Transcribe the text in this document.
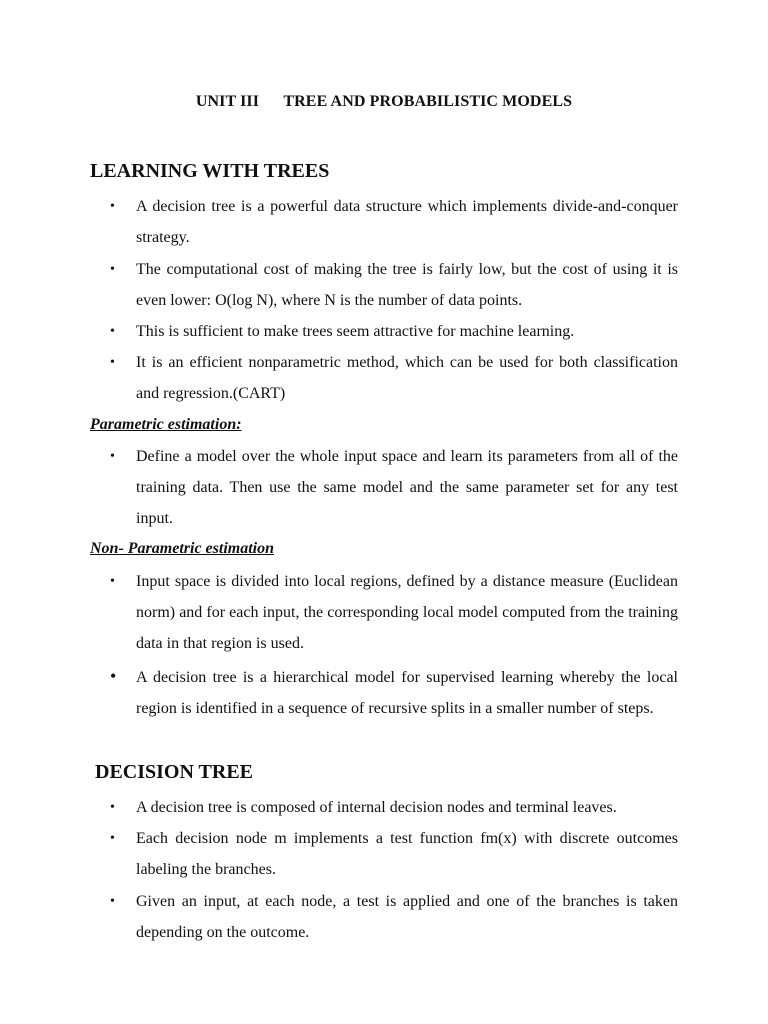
UNIT III      TREE AND PROBABILISTIC MODELS
LEARNING WITH TREES
•	A decision tree is a powerful data structure which implements divide-and-conquer strategy.
•	The computational cost of making the tree is fairly low, but the cost of using it is even lower: O(log N), where N is the number of data points.
•	This is sufficient to make trees seem attractive for machine learning.
•	It is an efficient nonparametric method, which can be used for both classification and regression.(CART)
Parametric estimation:
•	Define a model over the whole input space and learn its parameters from all of the training data. Then use the same model and the same parameter set for any test input.
Non- Parametric estimation
•	Input space is divided into local regions, defined by a distance measure (Euclidean norm) and for each input, the corresponding local model computed from the training data in that region is used.
•	A decision tree is a hierarchical model for supervised learning whereby the local region is identified in a sequence of recursive splits in a smaller number of steps.
DECISION TREE
•	A decision tree is composed of internal decision nodes and terminal leaves.
•	Each decision node m implements a test function fm(x) with discrete outcomes labeling the branches.
•	Given an input, at each node, a test is applied and one of the branches is taken depending on the outcome.
